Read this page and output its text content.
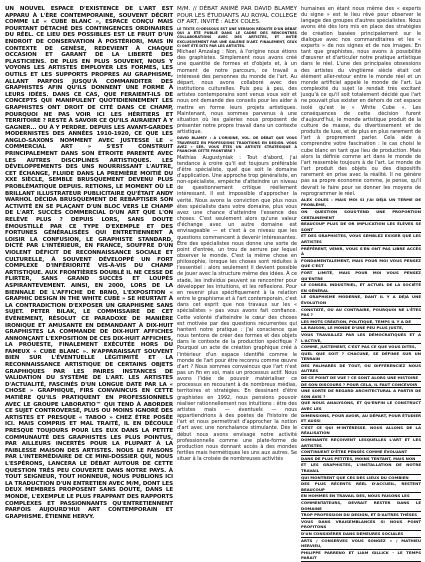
UN NOUVEL ESPACE D'EXISTENCE DE L'ART EST APPARU À L'ÈRE CONTEMPORAINE, SOUVENT DÉCRIT COMME LE « CUBE BLANC », ESPACE CONÇU MAIS POURTANT DÉTACHÉ DES CONTINGENCES ORDINAIRES DU RÉEL. CE LIEU DES POSSIBLES EST LE FRUIT D'UN ENDROIT DE CONSERVATION À POSTÉRIORI, MAIS IN CONTEXTE DE GENÈSE, REDEVIENT À CHAQUE OCCASION ET GARANT DE LA LIBERTÉ DES PLASTICIENS. DE PLUS EN PLUS SOUVENT, NOUS Y VOYONS LES ARTISTES EMPLOYER LES FORMES, LES OUTILS ET LES SUPPORTS PROPRES AU GRAPHISME, ALLANT PARFOIS JUSQU'À COMMANDITER DES GRAPHISTES AFIN QU'ILS DONNENT UNE FORME À LEURS IDÉES. DANS CE CAS, QUE FERAIENT-ILS DE CONCEPTS QUI MANIPULENT QUOTIDIENNEMENT LES GRAPHISTES ONT DROIT DE CITÉ DANS CE CHAMP, POURQUOI NE PAS VOIR ICI LES HÉRITIERS ET TERRITOIRE ? RESTE À SAVOIR CE QU'ILS AURAIENT À Y GAGNER... OU À Y PERDRE. DEPUIS LES AVANT-GARDES MODERNISTES DES ANNÉES 1910-1920, CE QUE LES ANGLO-SAXONS NOMMENT AVEC JUSTESSE LE « COMMERCIAL ART » S'EST CONSTRUIT PRINCIPALEMENT DANS SON ÉTROITE PARENTÉ AVEC LES AUTRES DISCIPLINES ARTISTIQUES. LES DÉVELOPPEMENTS DES UNS NOURRISSANT L'AUTRE, CET ÉCHANGE, FLUIDE DANS LA PREMIÈRE MOITIÉ DU XXE SIÈCLE, SEMBLE BRUSQUEMENT DEVENU PLUS PROBLÉMATIQUE DEPUIS. RETIONS, LE MOMENT OÙ LE BRILLANT ILLUSTRATEUR PUBLICITAIRE QU'ÉTAIT ANDY WARHOL DÉCIDA BRUSQUEMENT DE REBAPTISER SON ACTIVITÉ EN SE PLAÇANT D'UN BLOC VERS LE CHAMP DE L'ART. SUCCÈS COMMERCIAL D'UN ART QUE L'ON RELÈVE PLUS ? DEPUIS LORS, SANS DOUTE ÉMOUSTILLÉ PAR CE TYPE D'EXEMPLE ET DES FORTUNES GÉNÉRALISÉES QUI ENTRETIENNENT À LOISIR LA CONFUSION, LE GRAPHISTE STANDARD, DICTÉ PAR L'INTÉRIEUR, EN FRANCE, SOUFFRE D'UN VIOLENT DÉFICIT DE RECONNAISSANCE SOCIALE ET CULTURELLE, À SOUVENT DÉVELOPPÉ UN FORT COMPLEXE D'INFÉRIORITÉ VIS-À-VIS DU CHAMP ARTISTIQUE. AUX FRONTIÈRES DOUBLÉ IL NE CESSE DE FLIRTER, SANS GRAND SUCCÈS ET LOUPÉS ASPIRANTEVEMENT. AINSI, EN 2000, LORS DE LA BIENNALE DE L'AFFICHE DE BRNO, L'EXPOSITION « GRAPHIC DESIGN IN THE WHITE CUBE » SE HEURTAIT À LA CONTRADICTION D'EXPOSER UN GRAPHISME SANS SUJET. PETER BILAK, LE COMMISSAIRE DE CET ÉVÉNEMENT, RÉSOLUT CE PARADOXE DE MANIÈRE IRONIQUE ET AMUSANTE EN DEMANDANT À DIX-HUIT GRAPHISTES LA COMMANDE DE DIX-HUIT AFFICHES ANNONÇANT L'EXPOSITION DE CES DIX-HUIT AFFICHES, LA PROUESTE, FINALEMENT EXÉCUTÉE HORS DU FAMEUX « CUBE BLANC ». N'APPARAISSAIT SOUVENT BIEN SUR L'ÉVENTUELLE LÉGITIMITÉ ET LA RECONNAISSANCE ARTISTIQUE DE CERTAINS OBJETS GRAPHIQUES PAR LES PAIRES INSTANCES DE VALIDATION DU SYSTÈME DE L'ART. LES ARTISTES D'ACTUALITÉ, FASCINÉS D'UN LONGUE DATE PAR LA « CHOSE » GRAPHIQUE, FIRS CONVAINCUS EN CETTE MATIÈRE QU'ILS PRATIQUENT EN PROFESSIONNELS AVEC LE GROUPE LABORATIO™ QUI TEND À ABORDER CE SUJET CONTROVERSÉ, PLUS OU MOINS IGNORÉ DES ARTISTES ET PRESQUE « TABOO » CHEZ ÉTRE POSÉE ICI. MAIS COMPRIS ET MAL TRAITÉ, IL EN DÉCOULE PRESQUE TOUJOURS POUR LES EUX DANS LA PETITE COMMUNAUTÉ DES GRAPHISTES LES PLUS POINTUS, PAR AILLEURS INCERTÉS POUR LA PLUPART À LA FAIBLESSE MAISON DES ARTISTES. NOUS LE FAISONS PAR L'INTERMÉDIAIRE DE CE MINI-DOSSIER QUI, NOUS L'ESPÉRONS, LANCERA LE DÉBAT AUTOUR DE CETTE QUESTION TRÈS PEU COUVERTE DANS NOTRE PAYS. À TOUT SEIGNEUR, TOUT HONNEUR, NOUS PUBLIONS ICI LA TRADUCTION D'UN ENTRETIEN AVEC M/M, DONT LES DEUX MEMBRES PROPOSENT SANS DOUTE, DANS LE MONDE, L'EXEMPLE LE PLUS FRAPPANT DES RAPPORTS COMPLEXES ET PASSIONNANTS QU'ENTRETIENNENT PARFOIS AUJOURD'HUI ART CONTEMPORAIN ET GRAPHISME. ÉTIENNE HERVY.

M/M. // DÉBAT ANIMÉ PAR DAVID BLAMEY POUR LES ÉTUDIANTS AU ROYAL COLLEGE OF ART, INVITÉ : ALEX COLES.

LE TEXTE CI-DESSOUS EST UNE VERSION RÉDUITE D'UN DÉBAT QUI A ÉTÉ PUBLIÉ DANS LE CADRE DES RENCONTRES COLLABORATIONS AVEC DES ARTISTES, ET INITIÉ EXCLUSIVEMENT PAR UNE GALERIE D'ART. FINALEMENT, CEUX CI ONT ÉTÉ DITS PAR LES ARTISTES.

Michael Amzalag : Non, à l'origine nous étions des graphistes. Simplement nous avons créé une quantité de formes et d'objets et, à un moment de notre parcours, ce travail a intéressé des personnes du monde de l'art. Au départ, nous avons collaboré avec des institutions culturelles. Puis peu à peu, des artistes contemporains sont venus vous voir et nous ont demandé des conseils pour les aider à mettre en forme leurs projets artistiques. Maintenant, nous sommes parvenus à une situation où les galeries nous proposent de présenter notre propre travail dans un contexte artistique.

DAVID BLAMEY : À L'ORIGINE, VOL. DE DÉBAT QUE VOUS TRAVERSEZ EN PROFESSIONS TRADITIONS EN DESIGN. VOUS AVEZ « SÉR. VOUS ÊTES UN ARTISTE STRATÉGIQUE À FRANCHIR CETTE FRONTIÈRE ?

Mathias Augustyniak : Tout d'abord, j'ai tendance à croire qu'il est toujours préférable d'être spécialiste, quel que soit le domaine d'application. Une approche trop généraliste, en non-spécialiste, empêche d'atteindre un niveau de questionnement critique réellement intéressant. Il est impossible d'approcher la vérité. Nous avons la conviction que plus nous êtes spécialiste dans votre domaine, plus vous avez une chance d'atteindre l'essence des choses. C'est seulement alors qu'une valeur d'échange avec un autre domaine est envisageable — et c'est à ce niveau que les questions commencent à devenir intéressantes. Être des spécialistes nous donne une sorte de point d'entrée, un trou de serrure par lequel observer le monde. C'est la même chose en philosophie, lorsque les choses sont réduites à l'essentiel : alors seulement il devient possible de jouer avec la structure même des idées. À ce stade, les individus peuvent se rencontrer pour développer les intuitions, et les réflexions. Pour en revenir plus spécifiquement à la relation entre le graphisme et à l'art contemporain, c'est dans cet esprit que nos travaux sur les « spécialistes » pas vous avons fait confiance. Cette volonté d'atteindre le cœur des choses est motivée par des questions récurrentes qui hantent notre pratique : j'ai conscience que nous tentons de créer des formes et des objets dans le contexte de la production spécifique ? Pourquoi un acte de création graphique créé à l'intérieur d'un espace identifié comme le monde de l'art pour être reconnu comme œuvre d'art ? Nous sommes convaincus que l'art n'est pas un fin en soi, mais un processus actif. Nous avons l'idée de pouvoir matérialiser ce processus en recourant à de nombreux médias, territoires et stratégies. En dessinant d'être graphistes en 1992, nous pensions pouvoir réaliser rationnellement nos intuitions : être des artistes mais — éventuels — nous appartiendrions à des poètes de l'histoire de l'art et nous permettrait d'approcher la notion d'art avec une nonchalance stimulante. Dès le début nous avons envisagé notre activité professionnelle comme une plate-forme de production nous donnant accès à des mondes fertiles mais hermétiques les uns aux autres. Se situer à la croisée de nombreuses activités

humaines en étant nous même des « experts du signe » est le lieu rêvé pour observer le langage des groupes d'autres spécialistes. Nous avons été dès lors mis en place des stratégies de création basées principalement sur le dialogue avec nos commanditaires et les « experts » de nos signes et de nos images. En tant que graphistes, nous avons à possibilité d'œuvrer et d'articuler notre pratique artistique dans le réel. L'une des principales obsessions des artistes du vingtième siècle était cet élément aller-retour entre le monde réel et un monde artificiel appelé le monde de l'art. La complexité du sujet le rendait très excitant jusqu'à ce qu'il soit totalement décidé que l'art ne pouvait plus exister en dehors de cet espace isolé qu'est le « White Cube ». Les conséquences de cette décision furent d'aujourd'hui, le monde artistique produit de la culture de masse, du divertissement et de produits de luxe, et de plus en plus rarement de l'art à proprement parler. Cela aide à comprendre votre fascination : le cas choisi le cube blanc en tant que lieu de production. Mais alors la définie comme art dans le monde de l'art ressemble toujours à de l'art. Le monde de l'art produit des objets ou des dispositifs rarement en prise avec la réalité. Il ne génère pas sa propre économie comme, je pense, qu'il devrait le faire pour se donner les moyens de reprogrammer le réel.

ALEX COLES : MAIS MOI SI J'AI DÉJÀ UN TERME DE PROBLÈME,
ON QUESTION SOUS-TEND UNE PROPORTION CERTAINEMENT
BEAUCOUP PLUS DE OR IMPLICATION LES ÉLÉVES SE SONT
ET DES GRAPHISTES, VOUS SEMBLEZ EXIGER QUE LES ARTISTES
PRÉFÉRENT, VENIR, VOUS S'EN ONT PAS LIBRE ACCÈS À
FONDAMENTALEMENT, MAIS POUR MOI VOUS PENSEZ QUE C'EST
FORT LIMITÉ, MAIS POUR MOI VOUS PENSEZ QU'ENTRE
LE CONSEIL INDUSTRIEL, ET ACTUEL DE LA SOCIÉTÉ EN GÉNÉRAL
LE GRAPHISME MODERNE, DANT IL Y A DÉJÀ UNE ÉVOLUTION
CONSTATÉ, OU AU CONTRAIRE, POURQUOI NE L'ÊTES PAS ?
LES MOTS CRÉATION, POLITIQUE, TEMPS IL Y A DE
LA RAISON, LE MONDE D'UNE PEU PLUS JUSTE,
VOUS TRAVAILLEZ PAR LES DÉMOCRATIQUES ET A L'ACTIVE,
COMME, JUSTEMENT, C'EST PAS CE QUE VOUS DITES,
QUEL QUE SOIT ? CHACUNE, SE DÉFINIE SUR UN TERRAIN
DES PALMARÈS DE TOUT, OU DIFFÉRENCIEZ NOUS AUTRES
DE CE POINT DE VUE ? CE SONT ALORS UNE HISTOIRE
DE SON DISCOURS ? POUR CELA, IL FAUT CONCEVOIR
UNE SORTE DE REGARD ARCHITECTURAL A PARTIR DE SON AVIS ?
QUE NOUS ANALYSONS, ET QU'ENFIN LE CONSTRUCT AVEC LES
DIMENSIONS, POUR AVOIR, AU DÉPART, POUR ÉTUDIER ET AUSSI
C'EST CE QUI M'INTÉRESSE. NOUS ALLONS DE LA RÉALISATION
DOMINANTE REÇOIVENT LESQUELLES L'ART ET LES ARTISTES
CONTINUENT D'ÊTRE PENSÉS COMME ÉVOLUANT
DANS DE PLUS PETITES, MOINS TENTANT, MAIS NON
ET LES GRAPHISTES, L'INSTALLATION DE NOTRE TRAVAIL
QUI MONTRENT QUE CES DES LIEUX DU COMBIEN
DES PLUS RÉCENTS RÉEL D'ACCUEIL, RESTENT BEAUCOUP
EN HOMMES EN TRAVAIL DES, NOUS FAISONS LES
COMMENTATEURS, DEVRAIT RESTER DANS LE DOMAINE
TROP PROFESSION DU DESIGN, ET D'AUTRES THÈSES
VOUS DANS VRAISEMBLANCES SI NOUS POINT PROFITONS
D'UN CONSIDÉRER DANS DEMEURES SOCIALES
ARTS / CONSERVES VOUS SONGEZ » / MATHIEU HERVIEU,
PHILIPPE PARRENO ET LIAM GILLICK - LE TEMPS PARAIT
